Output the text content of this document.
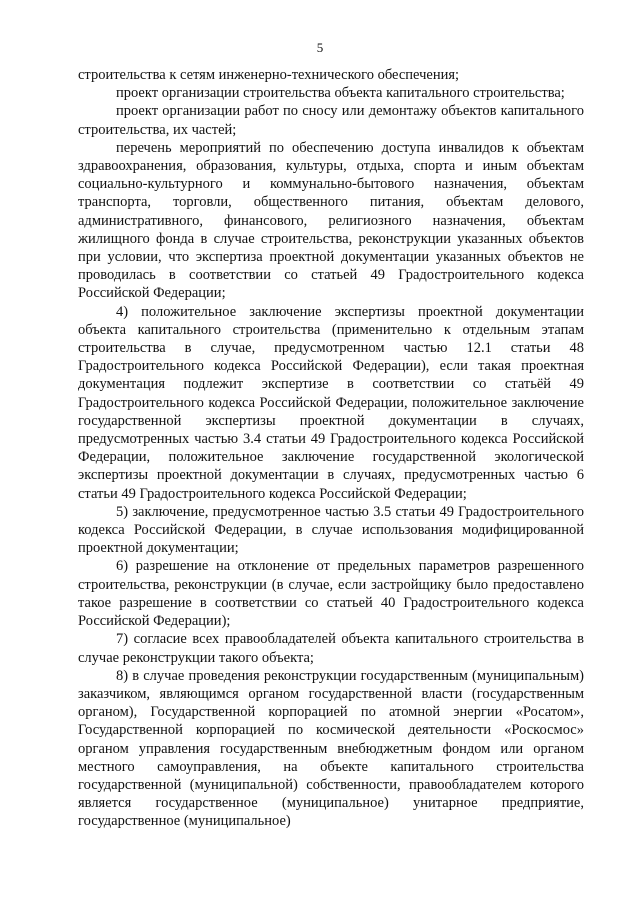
5

строительства к сетям инженерно-технического обеспечения;

проект организации строительства объекта капитального строительства;

проект организации работ по сносу или демонтажу объектов капитального строительства, их частей;

перечень мероприятий по обеспечению доступа инвалидов к объектам здравоохранения, образования, культуры, отдыха, спорта и иным объектам социально-культурного и коммунально-бытового назначения, объектам транспорта, торговли, общественного питания, объектам делового, административного, финансового, религиозного назначения, объектам жилищного фонда в случае строительства, реконструкции указанных объектов при условии, что экспертиза проектной документации указанных объектов не проводилась в соответствии со статьей 49 Градостроительного кодекса Российской Федерации;

4) положительное заключение экспертизы проектной документации объекта капитального строительства (применительно к отдельным этапам строительства в случае, предусмотренном частью 12.1 статьи 48 Градостроительного кодекса Российской Федерации), если такая проектная документация подлежит экспертизе в соответствии со статьёй 49 Градостроительного кодекса Российской Федерации, положительное заключение государственной экспертизы проектной документации в случаях, предусмотренных частью 3.4 статьи 49 Градостроительного кодекса Российской Федерации, положительное заключение государственной экологической экспертизы проектной документации в случаях, предусмотренных частью 6 статьи 49 Градостроительного кодекса Российской Федерации;

5) заключение, предусмотренное частью 3.5 статьи 49 Градостроительного кодекса Российской Федерации, в случае использования модифицированной проектной документации;

6) разрешение на отклонение от предельных параметров разрешенного строительства, реконструкции (в случае, если застройщику было предоставлено такое разрешение в соответствии со статьей 40 Градостроительного кодекса Российской Федерации);

7) согласие всех правообладателей объекта капитального строительства в случае реконструкции такого объекта;

8) в случае проведения реконструкции государственным (муниципальным) заказчиком, являющимся органом государственной власти (государственным органом), Государственной корпорацией по атомной энергии «Росатом», Государственной корпорацией по космической деятельности «Роскосмос» органом управления государственным внебюджетным фондом или органом местного самоуправления, на объекте капитального строительства государственной (муниципальной) собственности, правообладателем которого является государственное (муниципальное) унитарное предприятие, государственное (муниципальное)
